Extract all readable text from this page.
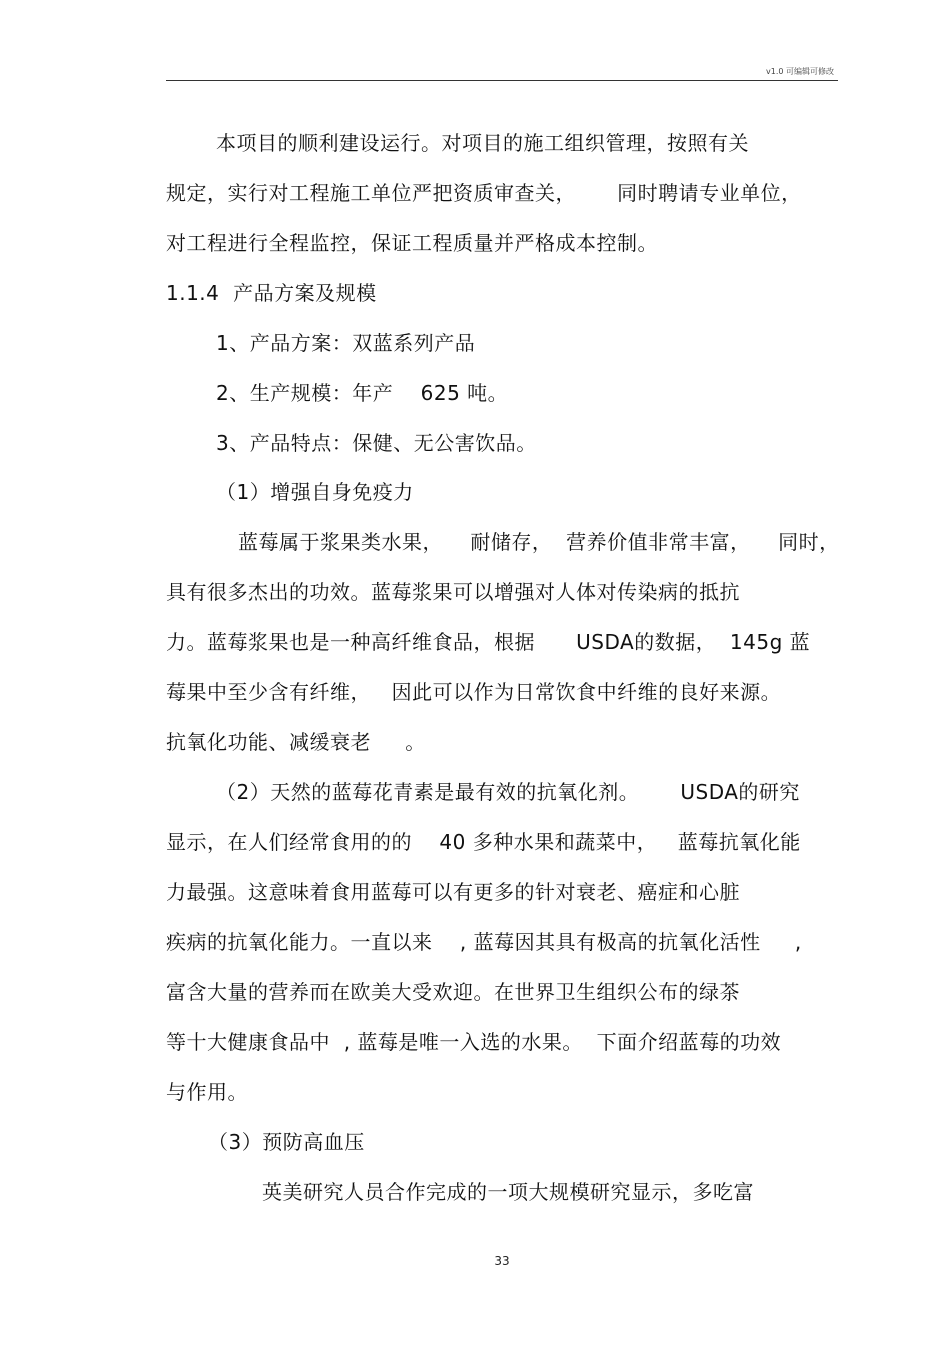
v1.0 可编辑可修改
本项目的顺利建设运行。对项目的施工组织管理，按照有关
规定，实行对工程施工单位严把资质审查关，      同时聘请专业单位，
对工程进行全程监控，保证工程质量并严格成本控制。
1.1.4  产品方案及规模
1、产品方案：双蓝系列产品
2、生产规模：年产    625 吨。
3、产品特点：保健、无公害饮品。
（1）增强自身免疫力
蓝莓属于浆果类水果，    耐储存，  营养价值非常丰富，    同时，
具有很多杰出的功效。蓝莓浆果可以增强对人体对传染病的抵抗
力。蓝莓浆果也是一种高纤维食品，根据      USDA的数据，  145g 蓝
莓果中至少含有纤维，   因此可以作为日常饮食中纤维的良好来源。
抗氧化功能、减缓衰老     。
（2）天然的蓝莓花青素是最有效的抗氧化剂。      USDA的研究
显示，在人们经常食用的的    40 多种水果和蔬菜中，   蓝莓抗氧化能
力最强。这意味着食用蓝莓可以有更多的针对衰老、癌症和心脏
疾病的抗氧化能力。一直以来    , 蓝莓因其具有极高的抗氧化活性     ,
富含大量的营养而在欧美大受欢迎。在世界卫生组织公布的绿茶
等十大健康食品中  , 蓝莓是唯一入选的水果。  下面介绍蓝莓的功效
与作用。
（3）预防高血压
英美研究人员合作完成的一项大规模研究显示，多吃富
33
